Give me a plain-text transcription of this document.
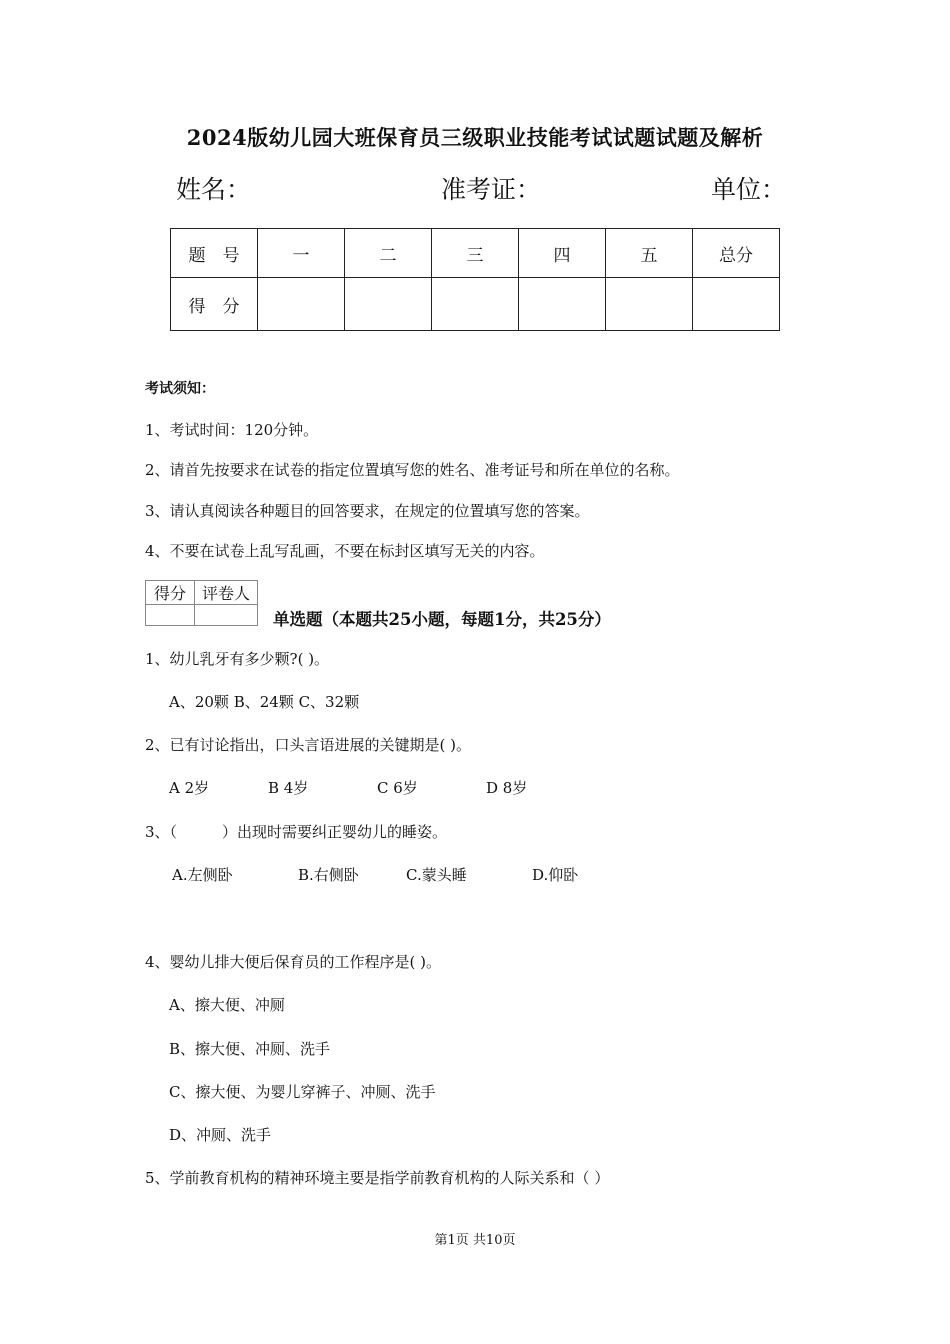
2024版幼儿园大班保育员三级职业技能考试试题试题及解析
姓名：	准考证：	单位：
题　号	一	二	三	四	五	总分
得　分						
考试须知：
1、考试时间：120分钟。
2、请首先按要求在试卷的指定位置填写您的姓名、准考证号和所在单位的名称。
3、请认真阅读各种题目的回答要求，在规定的位置填写您的答案。
4、不要在试卷上乱写乱画，不要在标封区填写无关的内容。
得分	评卷人

单选题（本题共25小题，每题1分，共25分）
1、幼儿乳牙有多少颗?( )。
A、20颗 B、24颗 C、32颗
2、已有讨论指出，口头言语进展的关键期是( )。
A 2岁	B 4岁	C 6岁	D 8岁
3、（　　　）出现时需要纠正婴幼儿的睡姿。
A.左侧卧	B.右侧卧	C.蒙头睡	D.仰卧
4、婴幼儿排大便后保育员的工作程序是( )。
A、擦大便、冲厕
B、擦大便、冲厕、洗手
C、擦大便、为婴儿穿裤子、冲厕、洗手
D、冲厕、洗手
5、学前教育机构的精神环境主要是指学前教育机构的人际关系和（ ）
第1页 共10页
